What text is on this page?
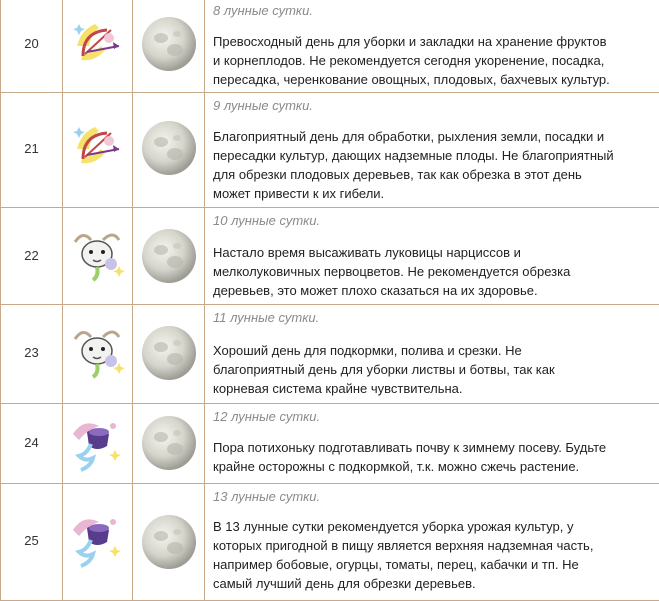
20
8 лунные сутки.
Превосходный день для уборки и закладки на хранение фруктов
и корнеплодов. Не рекомендуется сегодня укоренение, посадка,
пересадка, черенкование овощных, плодовых, бахчевых культур.
21
9 лунные сутки.
Благоприятный день для обработки, рыхления земли, посадки и
пересадки культур, дающих надземные плоды. Не благоприятный
для обрезки плодовых деревьев, так как обрезка в этот день
может привести к их гибели.
22
10 лунные сутки.
Настало время высаживать луковицы нарциссов и
мелколуковичных первоцветов. Не рекомендуется обрезка
деревьев, это может плохо сказаться на их здоровье.
23
11 лунные сутки.
Хороший день для подкормки, полива и срезки. Не
благоприятный день для уборки листвы и ботвы, так как
корневая система крайне чувствительна.
24
12 лунные сутки.
Пора потихоньку подготавливать почву к зимнему посеву. Будьте
крайне осторожны с подкормкой, т.к. можно сжечь растение.
25
13 лунные сутки.
В 13 лунные сутки рекомендуется уборка урожая культур, у
которых пригодной в пищу является верхняя надземная часть,
например бобовые, огурцы, томаты, перец, кабачки и тп. Не
самый лучший день для обрезки деревьев.
